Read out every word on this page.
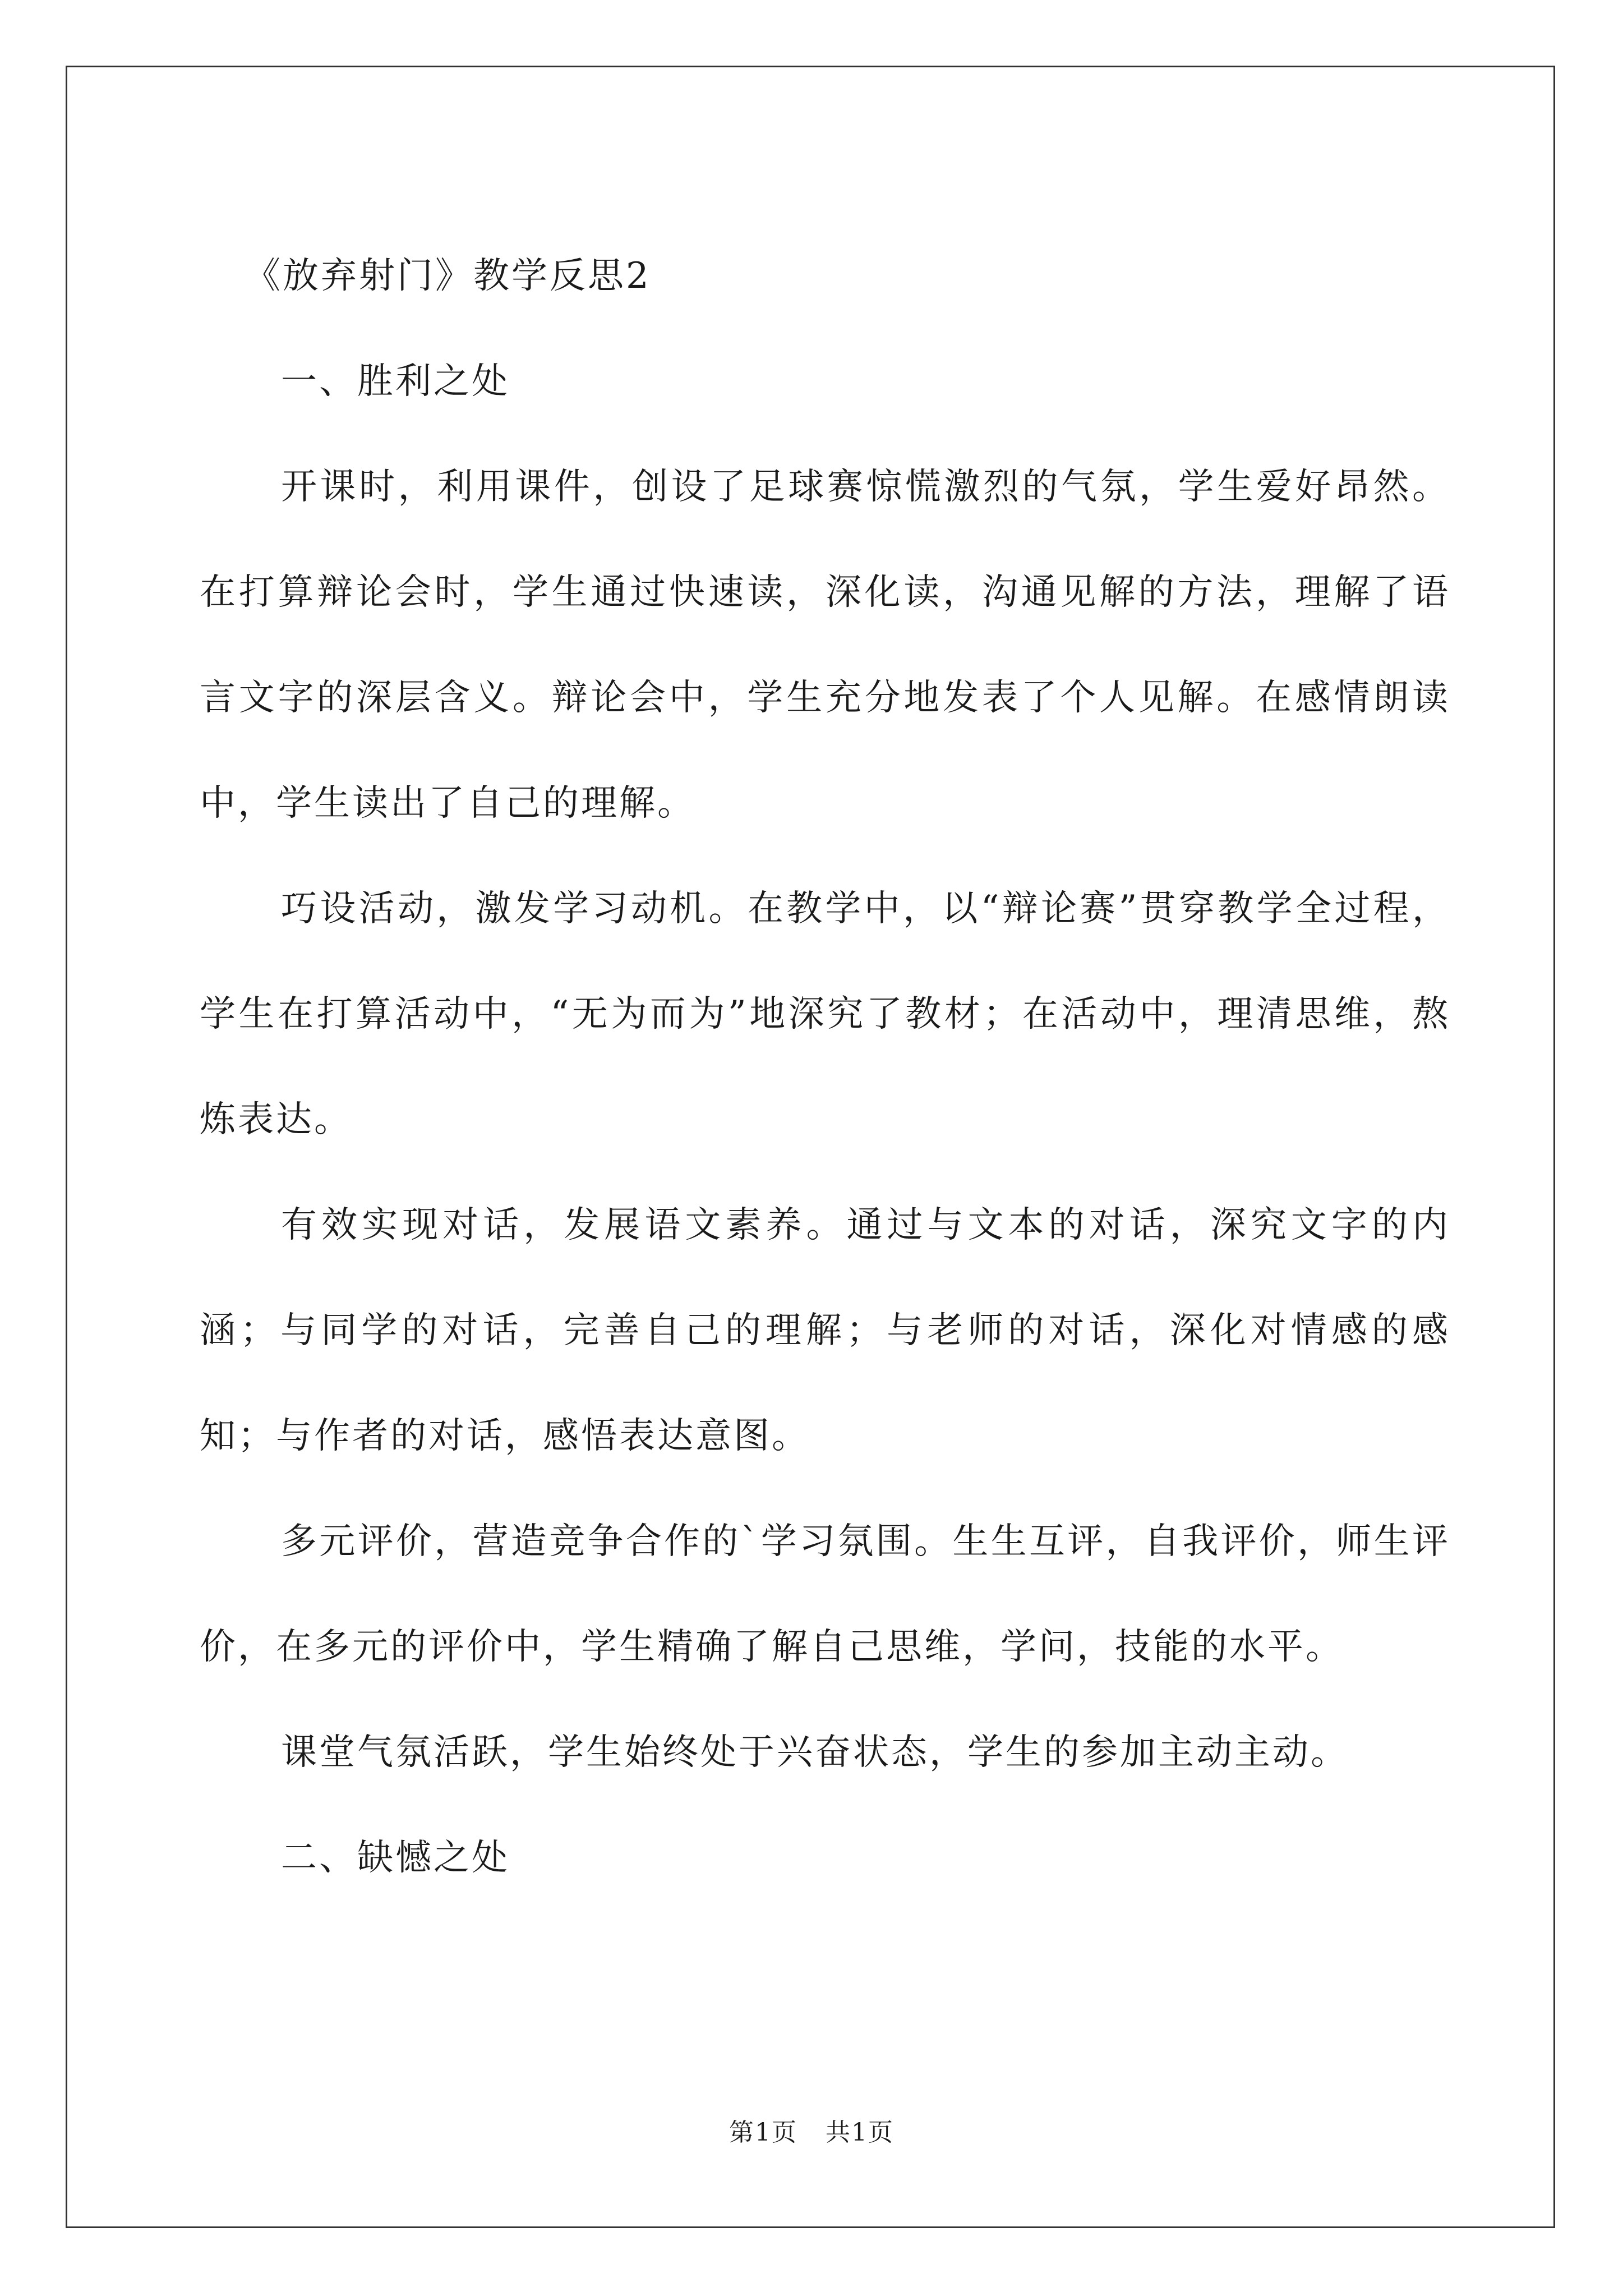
《放弃射门》教学反思2

一、胜利之处

开课时，利用课件，创设了足球赛惊慌激烈的气氛，学生爱好昂然。在打算辩论会时，学生通过快速读，深化读，沟通见解的方法，理解了语言文字的深层含义。辩论会中，学生充分地发表了个人见解。在感情朗读中，学生读出了自己的理解。

巧设活动，激发学习动机。在教学中，以“辩论赛”贯穿教学全过程，学生在打算活动中，“无为而为”地深究了教材；在活动中，理清思维，熬炼表达。

有效实现对话，发展语文素养。通过与文本的对话，深究文字的内涵；与同学的对话，完善自己的理解；与老师的对话，深化对情感的感知；与作者的对话，感悟表达意图。

多元评价，营造竞争合作的`学习氛围。生生互评，自我评价，师生评价，在多元的评价中，学生精确了解自己思维，学问，技能的水平。

课堂气氛活跃，学生始终处于兴奋状态，学生的参加主动主动。

二、缺憾之处

第1页 共1页
